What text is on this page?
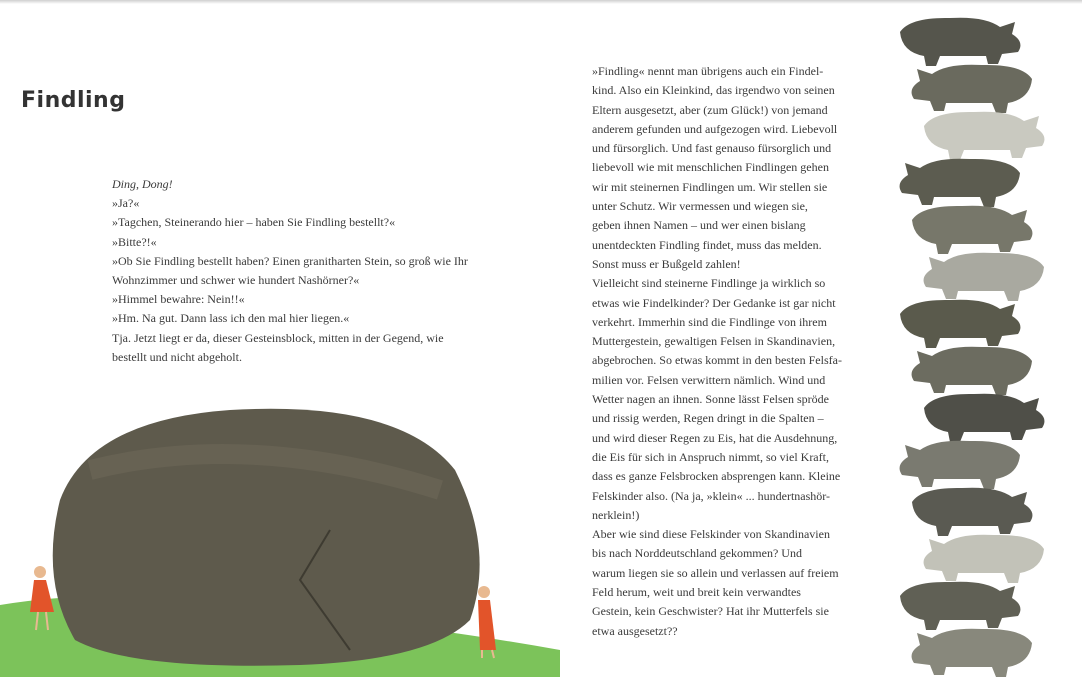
Findling
Ding, Dong!
»Ja?«
»Tagchen, Steinerando hier – haben Sie Findling bestellt?«
»Bitte?!«
»Ob Sie Findling bestellt haben? Einen granitharten Stein, so groß wie Ihr
Wohnzimmer und schwer wie hundert Nashörner?«
»Himmel bewahre: Nein!!«
»Hm. Na gut. Dann lass ich den mal hier liegen.«
Tja. Jetzt liegt er da, dieser Gesteinsblock, mitten in der Gegend, wie
bestellt und nicht abgeholt.
»Findling« nennt man übrigens auch ein Findel-
kind. Also ein Kleinkind, das irgendwo von seinen
Eltern ausgesetzt, aber (zum Glück!) von jemand
anderem gefunden und aufgezogen wird. Liebevoll
und fürsorglich. Und fast genauso fürsorglich und
liebevoll wie mit menschlichen Findlingen gehen
wir mit steinernen Findlingen um. Wir stellen sie
unter Schutz. Wir vermessen und wiegen sie,
geben ihnen Namen – und wer einen bislang
unentdeckten Findling findet, muss das melden.
Sonst muss er Bußgeld zahlen!
Vielleicht sind steinerne Findlinge ja wirklich so
etwas wie Findelkinder? Der Gedanke ist gar nicht
verkehrt. Immerhin sind die Findlinge von ihrem
Muttergestein, gewaltigen Felsen in Skandinavien,
abgebrochen. So etwas kommt in den besten Felsfa-
milien vor. Felsen verwittern nämlich. Wind und
Wetter nagen an ihnen. Sonne lässt Felsen spröde
und rissig werden, Regen dringt in die Spalten –
und wird dieser Regen zu Eis, hat die Ausdehnung,
die Eis für sich in Anspruch nimmt, so viel Kraft,
dass es ganze Felsbrocken absprengen kann. Kleine
Felskinder also. (Na ja, »klein« ... hundertnashör-
nerklein!)
Aber wie sind diese Felskinder von Skandinavien
bis nach Norddeutschland gekommen? Und
warum liegen sie so allein und verlassen auf freiem
Feld herum, weit und breit kein verwandtes
Gestein, kein Geschwister? Hat ihr Mutterfels sie
etwa ausgesetzt??
